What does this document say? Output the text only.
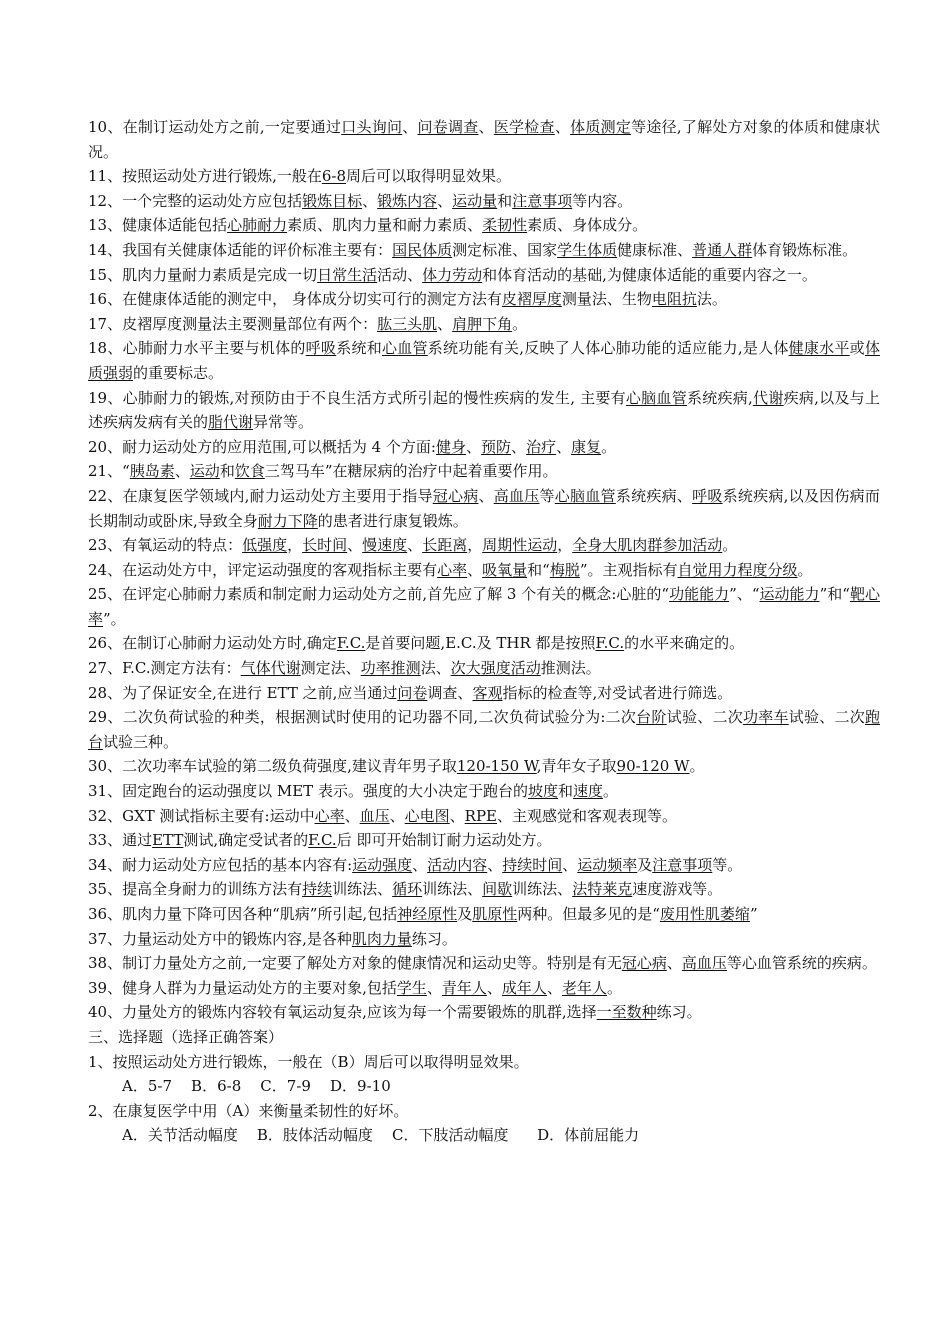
10、在制订运动处方之前,一定要通过口头询问、问卷调查、医学检查、体质测定等途径,了解处方对象的体质和健康状况。

11、按照运动处方进行锻炼,一般在6-8周后可以取得明显效果。

12、一个完整的运动处方应包括锻炼目标、锻炼内容、运动量和注意事项等内容。

13、健康体适能包括心肺耐力素质、肌肉力量和耐力素质、柔韧性素质、身体成分。

14、我国有关健康体适能的评价标准主要有：国民体质测定标准、国家学生体质健康标准、普通人群体育锻炼标准。

15、肌肉力量耐力素质是完成一切日常生活活动、体力劳动和体育活动的基础,为健康体适能的重要内容之一。

16、在健康体适能的测定中， 身体成分切实可行的测定方法有皮褶厚度测量法、生物电阻抗法。

17、皮褶厚度测量法主要测量部位有两个：肱三头肌、肩胛下角。

18、心肺耐力水平主要与机体的呼吸系统和心血管系统功能有关,反映了人体心肺功能的适应能力,是人体健康水平或体质强弱的重要标志。

19、心肺耐力的锻炼,对预防由于不良生活方式所引起的慢性疾病的发生, 主要有心脑血管系统疾病,代谢疾病,以及与上述疾病发病有关的脂代谢异常等。

20、耐力运动处方的应用范围,可以概括为 4 个方面:健身、预防、治疗、康复。

21、“胰岛素、运动和饮食三驾马车”在糖尿病的治疗中起着重要作用。

22、在康复医学领域内,耐力运动处方主要用于指导冠心病、高血压等心脑血管系统疾病、呼吸系统疾病,以及因伤病而长期制动或卧床,导致全身耐力下降的患者进行康复锻炼。

23、有氧运动的特点：低强度，长时间、慢速度、长距离，周期性运动，全身大肌肉群参加活动。

24、在运动处方中，评定运动强度的客观指标主要有心率、吸氧量和“梅脱”。主观指标有自觉用力程度分级。

25、在评定心肺耐力素质和制定耐力运动处方之前,首先应了解 3 个有关的概念:心脏的“功能能力”、“运动能力”和“靶心率”。

26、在制订心肺耐力运动处方时,确定F.C.是首要问题,E.C.及 THR 都是按照F.C.的水平来确定的。

27、F.C.测定方法有：气体代谢测定法、功率推测法、次大强度活动推测法。

28、为了保证安全,在进行 ETT 之前,应当通过问卷调查、客观指标的检查等,对受试者进行筛选。

29、二次负荷试验的种类，根据测试时使用的记功器不同,二次负荷试验分为:二次台阶试验、二次功率车试验、二次跑台试验三种。

30、二次功率车试验的第二级负荷强度,建议青年男子取120-150 W,青年女子取90-120 W。

31、固定跑台的运动强度以 MET 表示。强度的大小决定于跑台的坡度和速度。

32、GXT 测试指标主要有:运动中心率、血压、心电图、RPE、主观感觉和客观表现等。

33、通过ETT测试,确定受试者的F.C.后 即可开始制订耐力运动处方。

34、耐力运动处方应包括的基本内容有:运动强度、活动内容、持续时间、运动频率及注意事项等。

35、提高全身耐力的训练方法有持续训练法、循环训练法、间歇训练法、法特莱克速度游戏等。

36、肌肉力量下降可因各种“肌病”所引起,包括神经原性及肌原性两种。但最多见的是“废用性肌萎缩”

37、力量运动处方中的锻炼内容,是各种肌肉力量练习。

38、制订力量处方之前,一定要了解处方对象的健康情况和运动史等。特别是有无冠心病、高血压等心血管系统的疾病。

39、健身人群为力量运动处方的主要对象,包括学生、青年人、成年人、老年人。

40、力量处方的锻炼内容较有氧运动复杂,应该为每一个需要锻炼的肌群,选择一至数种练习。

三、选择题（选择正确答案）

1、按照运动处方进行锻炼，一般在（B）周后可以取得明显效果。

A．5-7    B．6-8    C．7-9    D．9-10

2、在康复医学中用（A）来衡量柔韧性的好坏。

A．关节活动幅度    B．肢体活动幅度    C．下肢活动幅度      D．体前屈能力
